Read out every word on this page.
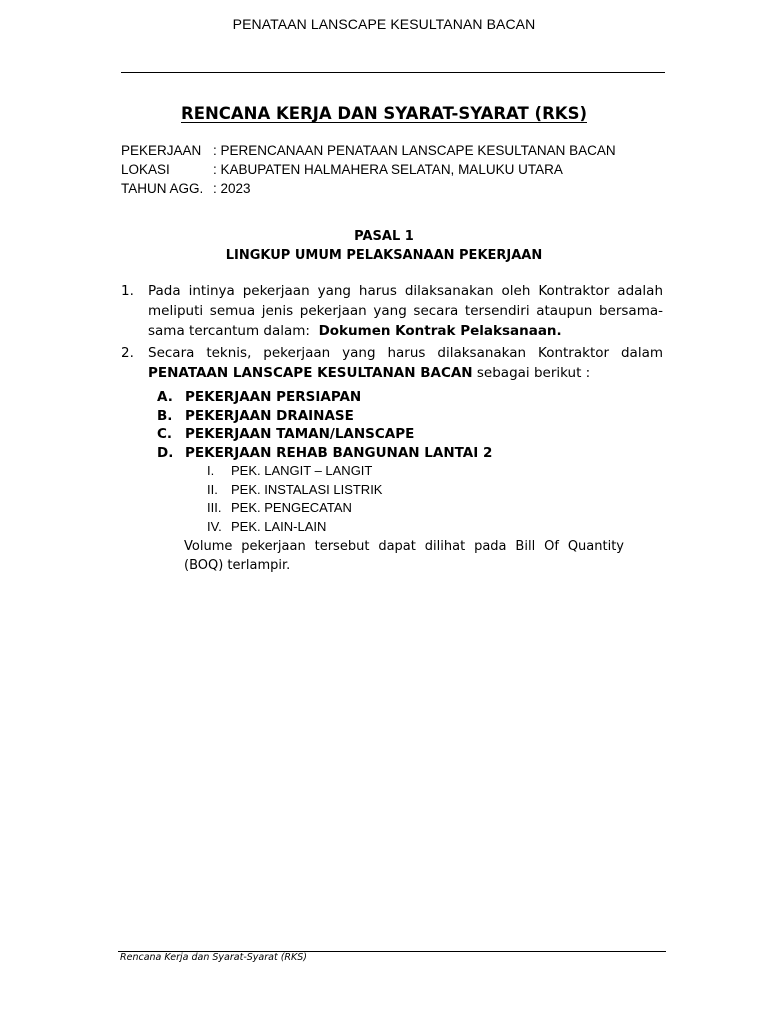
PENATAAN LANSCAPE KESULTANAN BACAN
RENCANA KERJA DAN SYARAT-SYARAT (RKS)
PEKERJAAN : PERENCANAAN PENATAAN LANSCAPE KESULTANAN BACAN
LOKASI	: KABUPATEN HALMAHERA SELATAN, MALUKU UTARA
TAHUN AGG. : 2023
PASAL 1
LINGKUP UMUM PELAKSANAAN PEKERJAAN
1. Pada intinya pekerjaan yang harus dilaksanakan oleh Kontraktor adalah meliputi semua jenis pekerjaan yang secara tersendiri ataupun bersama-sama tercantum dalam: Dokumen Kontrak Pelaksanaan.
2. Secara teknis, pekerjaan yang harus dilaksanakan Kontraktor dalam PENATAAN LANSCAPE KESULTANAN BACAN sebagai berikut :
A. PEKERJAAN PERSIAPAN
B. PEKERJAAN DRAINASE
C. PEKERJAAN TAMAN/LANSCAPE
D. PEKERJAAN REHAB BANGUNAN LANTAI 2
I. PEK. LANGIT – LANGIT
II. PEK. INSTALASI LISTRIK
III. PEK. PENGECATAN
IV. PEK. LAIN-LAIN
Volume pekerjaan tersebut dapat dilihat pada Bill Of Quantity (BOQ) terlampir.
Rencana Kerja dan Syarat-Syarat (RKS)
